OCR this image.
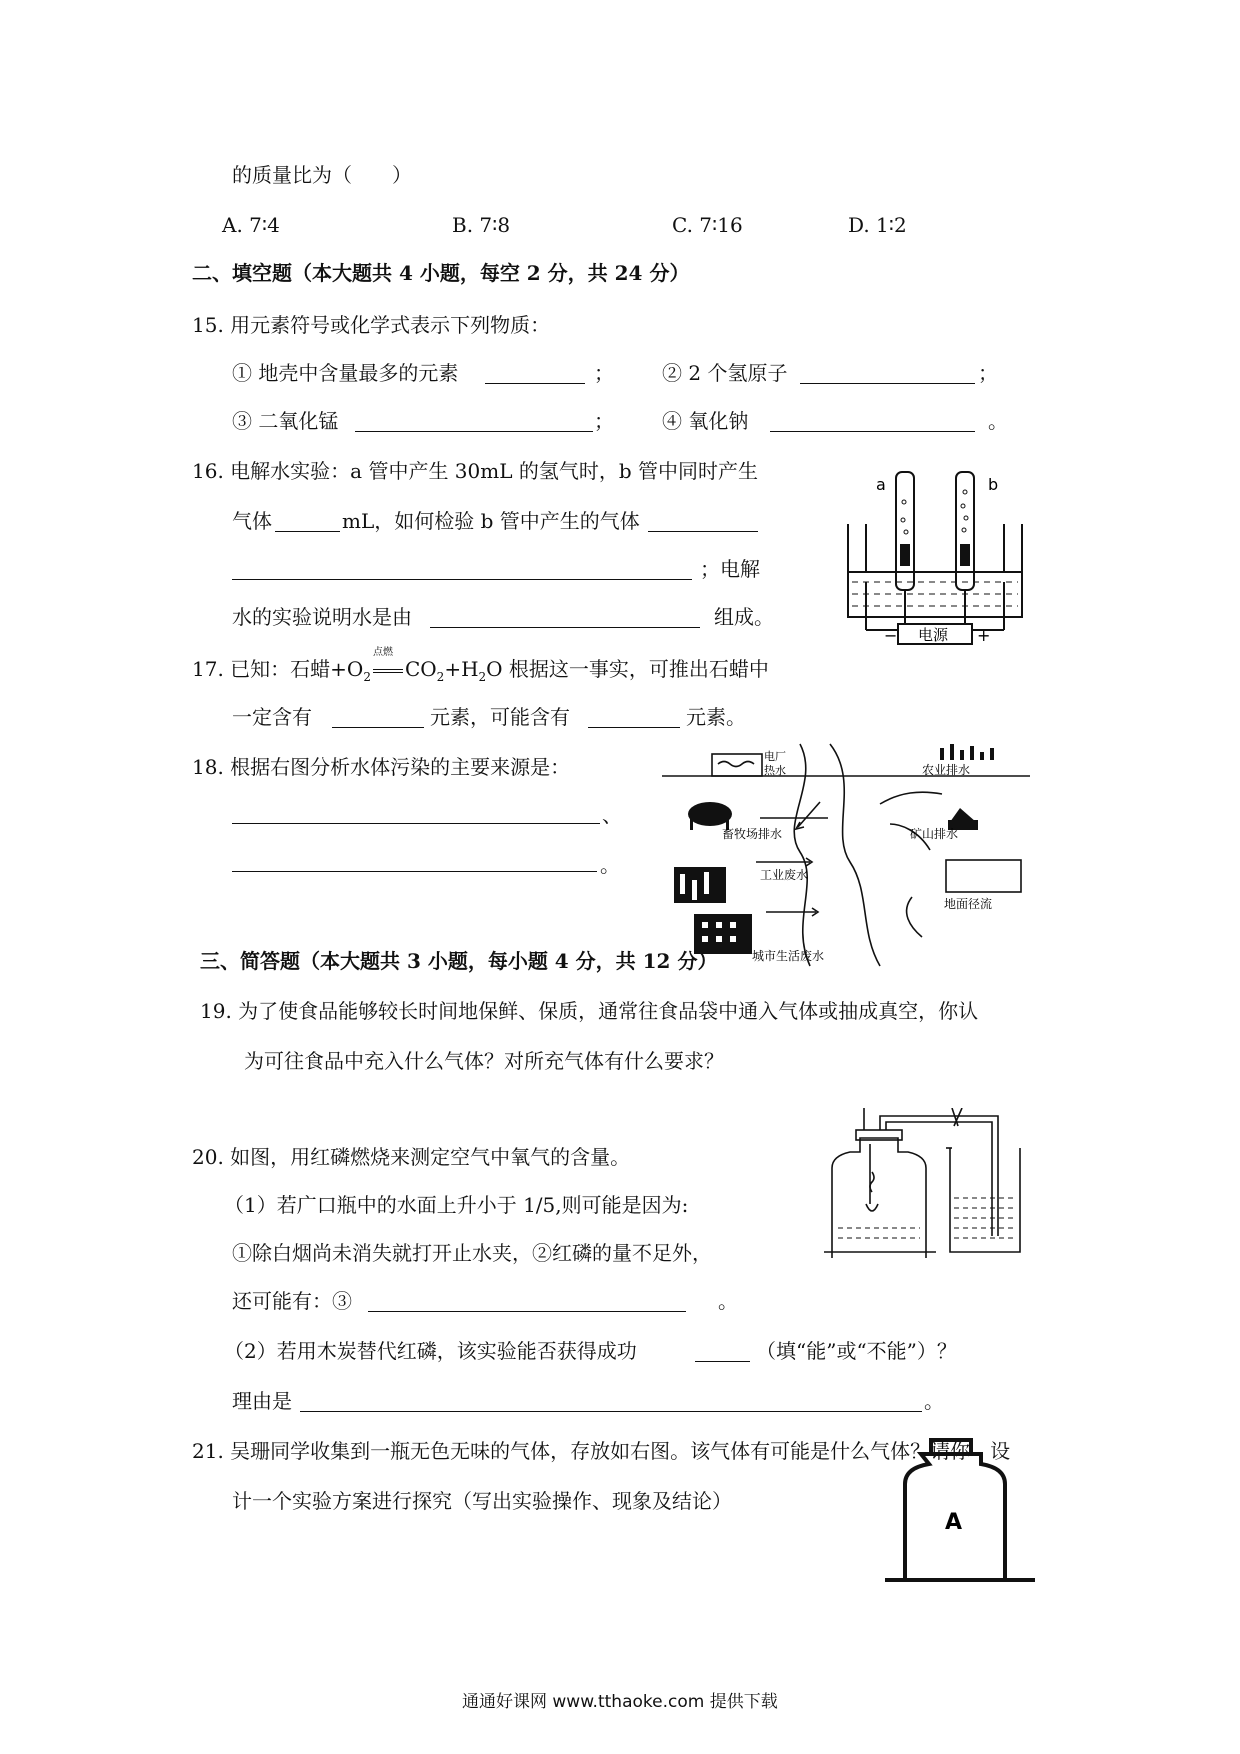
的质量比为（　　）
A. 7∶4	B. 7∶8	C. 7∶16	D. 1∶2
二、填空题（本大题共 4 小题，每空 2 分，共 24 分）
15. 用元素符号或化学式表示下列物质：
① 地壳中含量最多的元素	； ② 2 个氢原子	；
③ 二氧化锰	； ④ 氧化钠	。
16. 电解水实验：a 管中产生 30mL 的氢气时，b 管中同时产生
气体	mL，如何检验 b 管中产生的气体
；电解
水的实验说明水是由	组成。
a	b
− 电源 +
17. 已知：石蜡$+O_2$
点燃
$CO_2+H_2O$ 根据这一事实，可推出石蜡中
一定含有	元素，可能含有	元素。
18. 根据右图分析水体污染的主要来源是：
、
。
电厂
热水	农业排水
畜牧场排水	矿山排水
工业废水
地面径流
城市生活废水
三、简答题（本大题共 3 小题，每小题 4 分，共 12 分）
19. 为了使食品能够较长时间地保鲜、保质，通常往食品袋中通入气体或抽成真空，你认
为可往食品中充入什么气体？对所充气体有什么要求？
20. 如图，用红磷燃烧来测定空气中氧气的含量。
（1）若广口瓶中的水面上升小于 1/5,则可能是因为:
①除白烟尚未消失就打开止水夹，②红磷的量不足外，
还可能有：③	。
（2）若用木炭替代红磷，该实验能否获得成功	（填“能”或“不能”）？
理由是	。
21. 吴珊同学收集到一瓶无色无味的气体，存放如右图。该气体有可能是什么气体？请你　设
计一个实验方案进行探究（写出实验操作、现象及结论）
A
通通好课网 www.tthaoke.com 提供下载
